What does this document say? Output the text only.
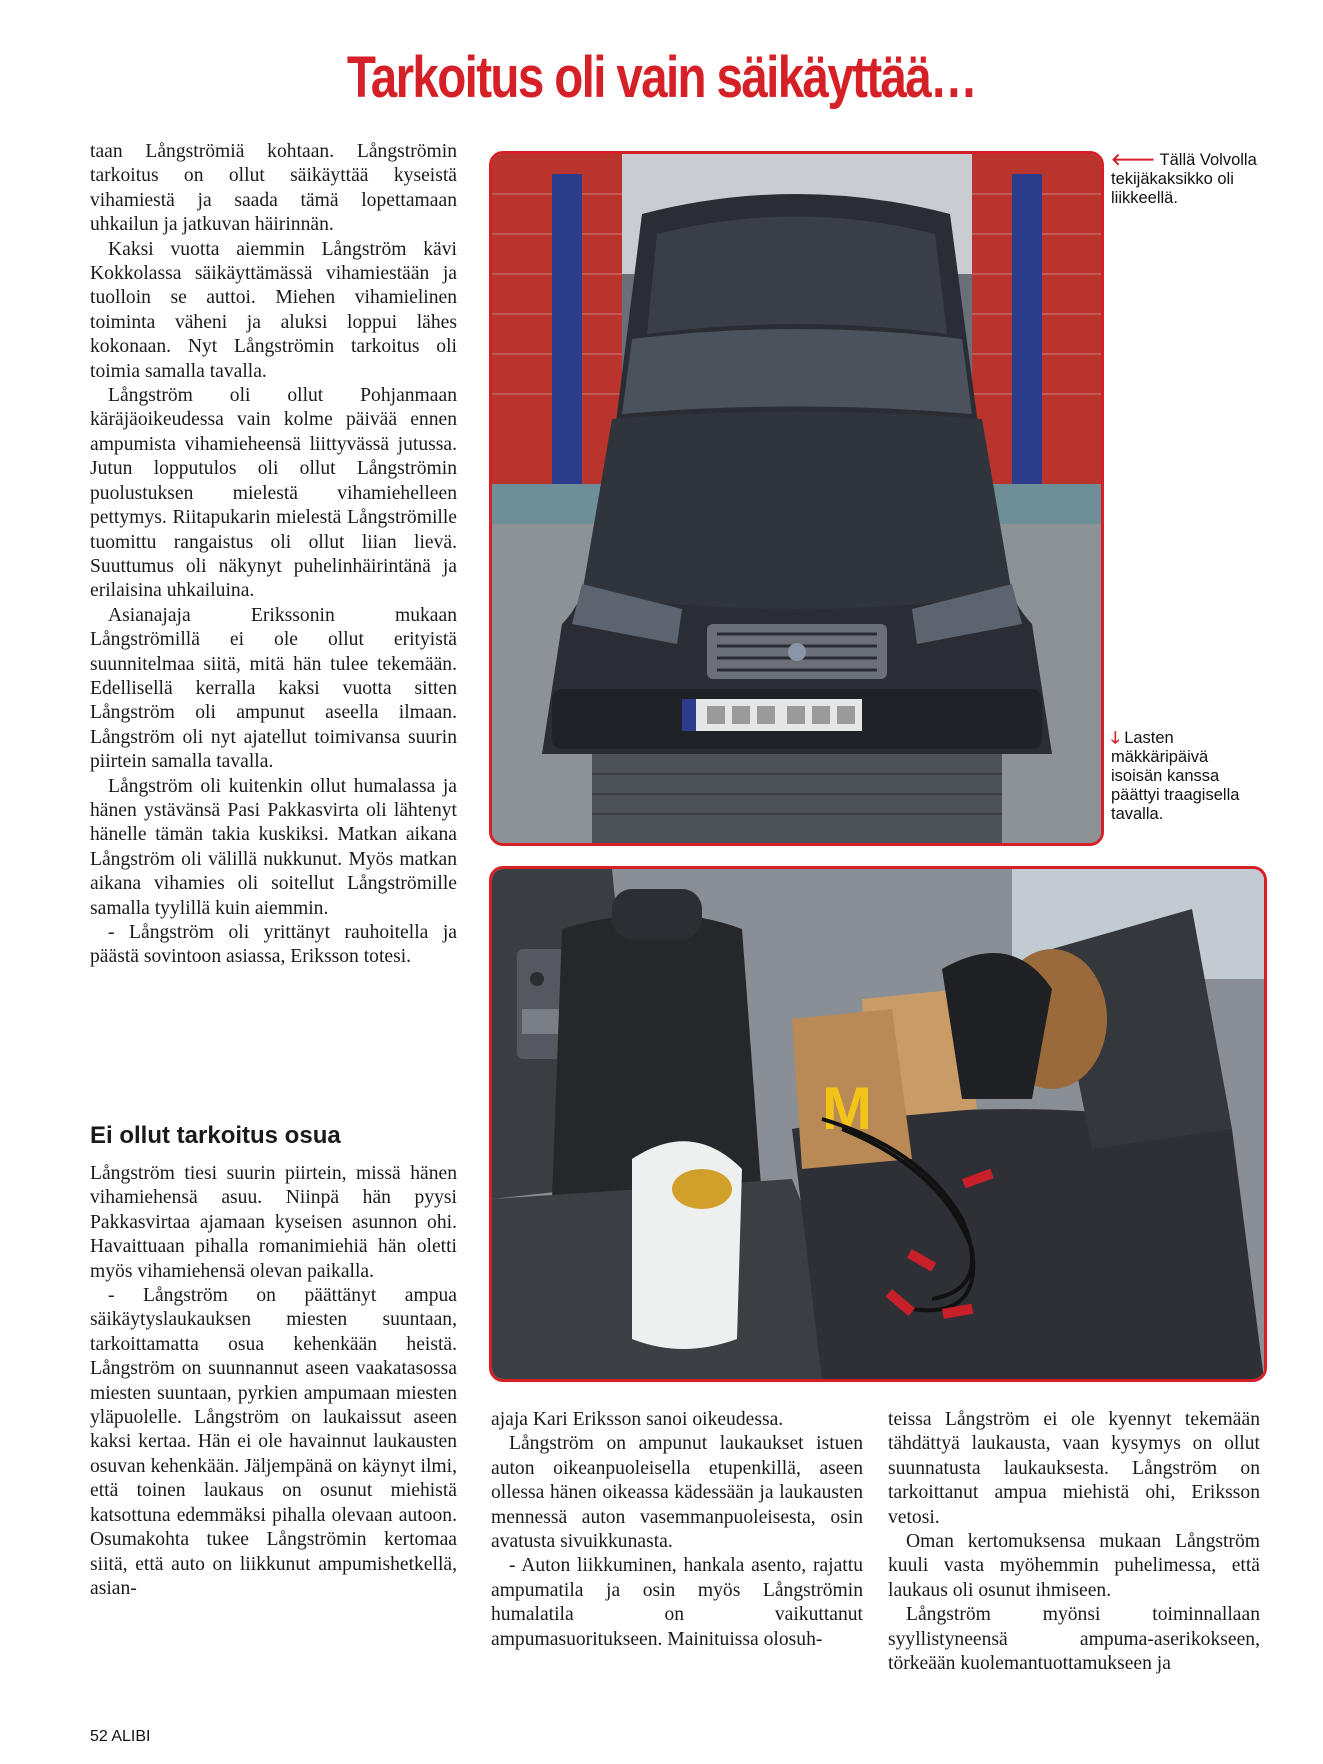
Tarkoitus oli vain säikäyttää…

taan Långströmiä kohtaan. Långströmin tarkoitus on ollut säikäyttää kyseistä vihamiestä ja saada tämä lopettamaan uhkailun ja jatkuvan häirinnän.

Kaksi vuotta aiemmin Långström kävi Kokkolassa säikäyttämässä vihamiestään ja tuolloin se auttoi. Miehen vihamielinen toiminta väheni ja aluksi loppui lähes kokonaan. Nyt Långströmin tarkoitus oli toimia samalla tavalla.

Långström oli ollut Pohjanmaan käräjäoikeudessa vain kolme päivää ennen ampumista vihamieheensä liittyvässä jutussa. Jutun lopputulos oli ollut Långströmin puolustuksen mielestä vihamiehelleen pettymys. Riitapukarin mielestä Långströmille tuomittu rangaistus oli ollut liian lievä. Suuttumus oli näkynyt puhelinhäirintänä ja erilaisina uhkailuina.

Asianajaja Erikssonin mukaan Långströmillä ei ole ollut erityistä suunnitelmaa siitä, mitä hän tulee tekemään. Edellisellä kerralla kaksi vuotta sitten Långström oli ampunut aseella ilmaan. Långström oli nyt ajatellut toimivansa suurin piirtein samalla tavalla.

Långström oli kuitenkin ollut humalassa ja hänen ystävänsä Pasi Pakkasvirta oli lähtenyt hänelle tämän takia kuskiksi. Matkan aikana Långström oli välillä nukkunut. Myös matkan aikana vihamies oli soitellut Långströmille samalla tyylillä kuin aiemmin.

- Långström oli yrittänyt rauhoitella ja päästä sovintoon asiassa, Eriksson totesi.

Ei ollut tarkoitus osua

Långström tiesi suurin piirtein, missä hänen vihamiehensä asuu. Niinpä hän pyysi Pakkasvirtaa ajamaan kyseisen asunnon ohi. Havaittuaan pihalla romanimiehiä hän oletti myös vihamiehensä olevan paikalla.

- Långström on päättänyt ampua säikäytyslaukauksen miesten suuntaan, tarkoittamatta osua kehenkään heistä. Långström on suunnannut aseen vaakatasossa miesten suuntaan, pyrkien ampumaan miesten yläpuolelle. Långström on laukaissut aseen kaksi kertaa. Hän ei ole havainnut laukausten osuvan kehenkään. Jäljempänä on käynyt ilmi, että toinen laukaus on osunut miehistä katsottuna edemmäksi pihalla olevaan autoon. Osumakohta tukee Långströmin kertomaa siitä, että auto on liikkunut ampumishetkellä, asian-

ajaja Kari Eriksson sanoi oikeudessa.

Långström on ampunut laukaukset istuen auton oikeanpuoleisella etupenkillä, aseen ollessa hänen oikeassa kädessään ja laukausten mennessä auton vasemmanpuoleisesta, osin avatusta sivuikkunasta.

- Auton liikkuminen, hankala asento, rajattu ampumatila ja osin myös Långströmin humalatila on vaikuttanut ampumasuoritukseen. Mainituissa olosuh-

teissa Långström ei ole kyennyt tekemään tähdättyä laukausta, vaan kysymys on ollut suunnatusta laukauksesta. Långström on tarkoittanut ampua miehistä ohi, Eriksson vetosi.

Oman kertomuksensa mukaan Långström kuuli vasta myöhemmin puhelimessa, että laukaus oli osunut ihmiseen.

Långström myönsi toiminnallaan syyllistyneensä ampuma-aserikokseen, törkeään kuolemantuottamukseen ja

🡐 Tällä Volvolla tekijäkaksikko oli liikkeellä.
🡓 Lasten mäkkäripäivä isoisän kanssa päättyi traagisella tavalla.
M
52 ALIBI
